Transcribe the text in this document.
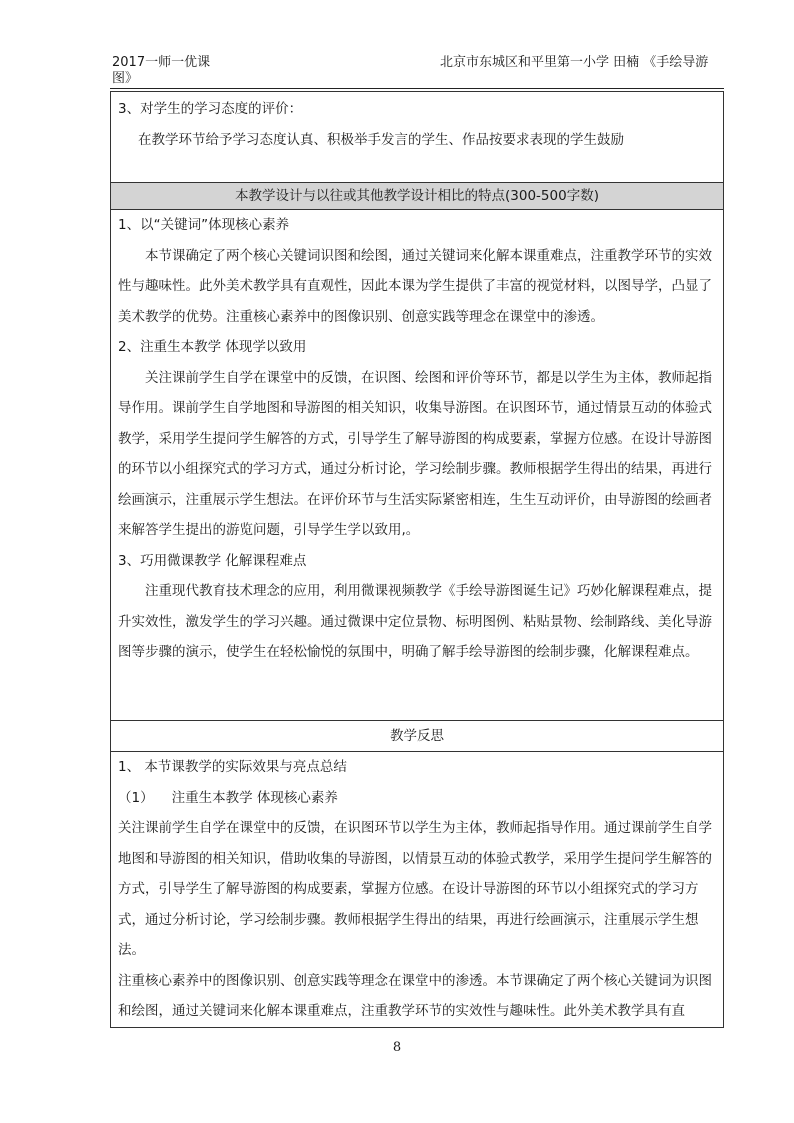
2017一师一优课图》
北京市东城区和平里第一小学 田楠 《手绘导游

3、对学生的学习态度的评价：

在教学环节给予学习态度认真、积极举手发言的学生、作品按要求表现的学生鼓励

本教学设计与以往或其他教学设计相比的特点(300-500字数)

1、以“关键词”体现核心素养

本节课确定了两个核心关键词识图和绘图，通过关键词来化解本课重难点，注重教学环节的实效性与趣味性。此外美术教学具有直观性，因此本课为学生提供了丰富的视觉材料，以图导学，凸显了美术教学的优势。注重核心素养中的图像识别、创意实践等理念在课堂中的渗透。

2、注重生本教学 体现学以致用

关注课前学生自学在课堂中的反馈，在识图、绘图和评价等环节，都是以学生为主体，教师起指导作用。课前学生自学地图和导游图的相关知识，收集导游图。在识图环节，通过情景互动的体验式教学，采用学生提问学生解答的方式，引导学生了解导游图的构成要素，掌握方位感。在设计导游图的环节以小组探究式的学习方式，通过分析讨论，学习绘制步骤。教师根据学生得出的结果，再进行绘画演示，注重展示学生想法。在评价环节与生活实际紧密相连，生生互动评价，由导游图的绘画者来解答学生提出的游览问题，引导学生学以致用,。

3、巧用微课教学 化解课程难点

注重现代教育技术理念的应用，利用微课视频教学《手绘导游图诞生记》巧妙化解课程难点，提升实效性，激发学生的学习兴趣。通过微课中定位景物、标明图例、粘贴景物、绘制路线、美化导游图等步骤的演示，使学生在轻松愉悦的氛围中，明确了解手绘导游图的绘制步骤，化解课程难点。

教学反思

1、 本节课教学的实际效果与亮点总结

（1） 注重生本教学 体现核心素养

关注课前学生自学在课堂中的反馈，在识图环节以学生为主体，教师起指导作用。通过课前学生自学地图和导游图的相关知识，借助收集的导游图，以情景互动的体验式教学，采用学生提问学生解答的方式，引导学生了解导游图的构成要素，掌握方位感。在设计导游图的环节以小组探究式的学习方式，通过分析讨论，学习绘制步骤。教师根据学生得出的结果，再进行绘画演示，注重展示学生想法。

注重核心素养中的图像识别、创意实践等理念在课堂中的渗透。本节课确定了两个核心关键词为识图和绘图，通过关键词来化解本课重难点，注重教学环节的实效性与趣味性。此外美术教学具有直

8
